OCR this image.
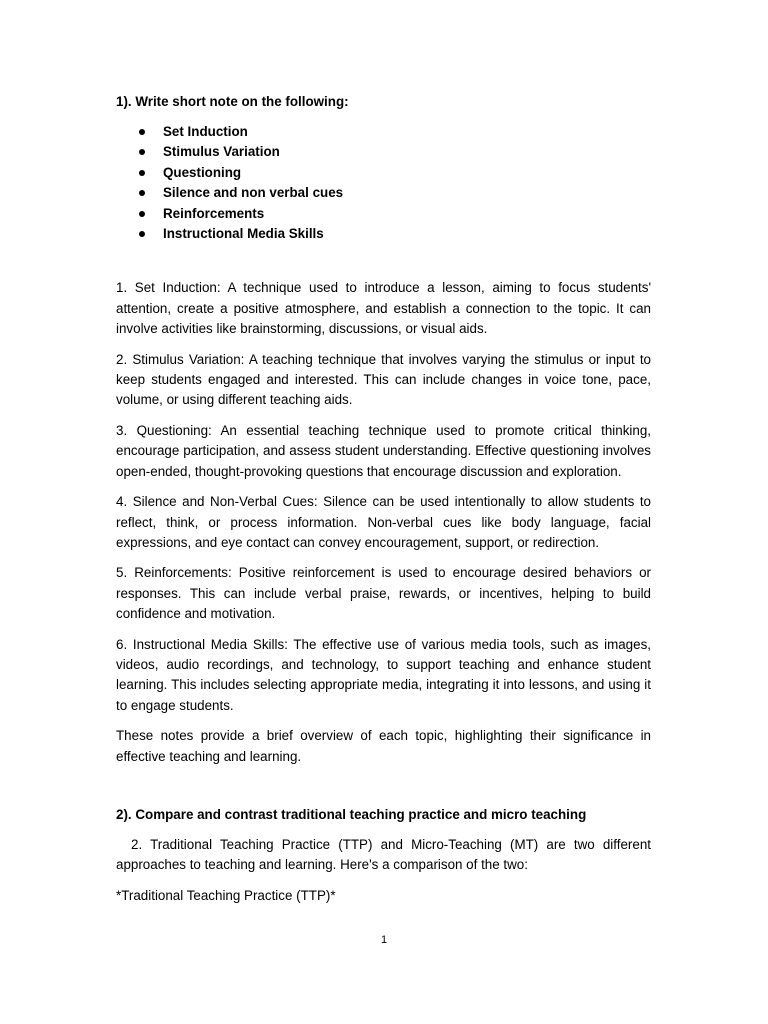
1). Write short note on the following:

Set Induction
Stimulus Variation
Questioning
Silence and non verbal cues
Reinforcements
Instructional Media Skills

1. Set Induction: A technique used to introduce a lesson, aiming to focus students' attention, create a positive atmosphere, and establish a connection to the topic. It can involve activities like brainstorming, discussions, or visual aids.

2. Stimulus Variation: A teaching technique that involves varying the stimulus or input to keep students engaged and interested. This can include changes in voice tone, pace, volume, or using different teaching aids.

3. Questioning: An essential teaching technique used to promote critical thinking, encourage participation, and assess student understanding. Effective questioning involves open-ended, thought-provoking questions that encourage discussion and exploration.

4. Silence and Non-Verbal Cues: Silence can be used intentionally to allow students to reflect, think, or process information. Non-verbal cues like body language, facial expressions, and eye contact can convey encouragement, support, or redirection.

5. Reinforcements: Positive reinforcement is used to encourage desired behaviors or responses. This can include verbal praise, rewards, or incentives, helping to build confidence and motivation.

6. Instructional Media Skills: The effective use of various media tools, such as images, videos, audio recordings, and technology, to support teaching and enhance student learning. This includes selecting appropriate media, integrating it into lessons, and using it to engage students.

These notes provide a brief overview of each topic, highlighting their significance in effective teaching and learning.

2). Compare and contrast traditional teaching practice and micro teaching

2. Traditional Teaching Practice (TTP) and Micro-Teaching (MT) are two different approaches to teaching and learning. Here's a comparison of the two:

*Traditional Teaching Practice (TTP)*

1
